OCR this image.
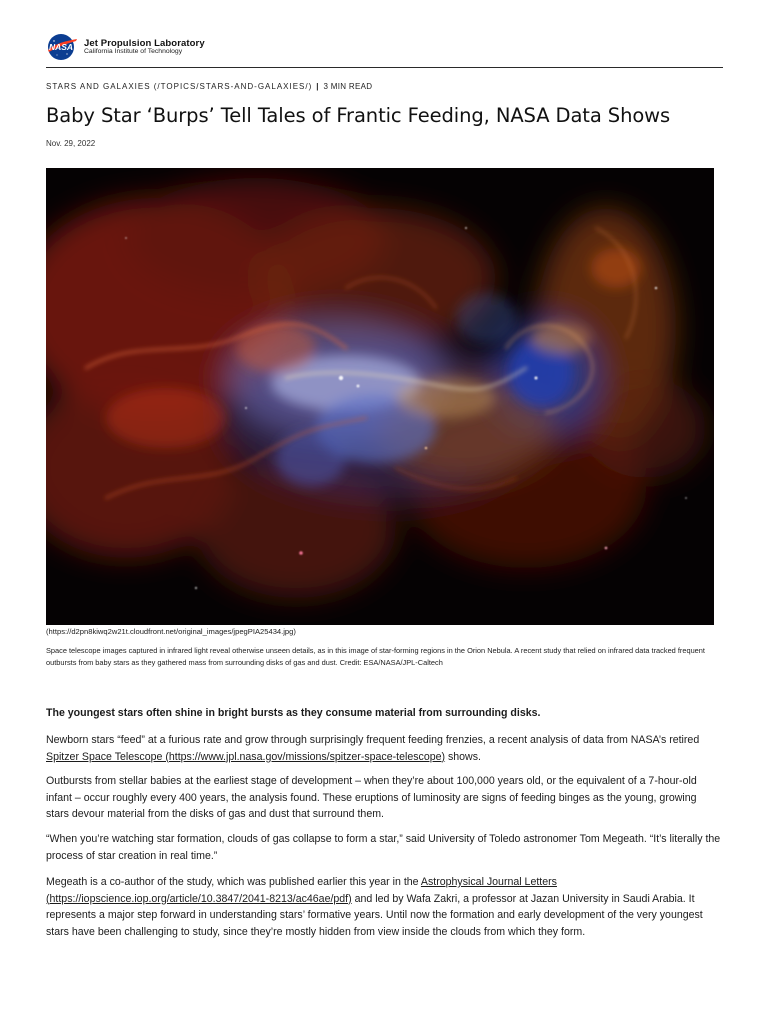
NASA Jet Propulsion Laboratory
California Institute of Technology
STARS AND GALAXIES (/TOPICS/STARS-AND-GALAXIES/) | 3 MIN READ
Baby Star ‘Burps’ Tell Tales of Frantic Feeding, NASA Data Shows
Nov. 29, 2022
(https://d2pn8kiwq2w21t.cloudfront.net/original_images/jpegPIA25434.jpg)
Space telescope images captured in infrared light reveal otherwise unseen details, as in this image of star-forming regions in the Orion Nebula. A recent study that relied on infrared data tracked frequent outbursts from baby stars as they gathered mass from surrounding disks of gas and dust. Credit: ESA/NASA/JPL-Caltech

The youngest stars often shine in bright bursts as they consume material from surrounding disks.

Newborn stars “feed” at a furious rate and grow through surprisingly frequent feeding frenzies, a recent analysis of data from NASA’s retired Spitzer Space Telescope (https://www.jpl.nasa.gov/missions/spitzer-space-telescope) shows.

Outbursts from stellar babies at the earliest stage of development – when they’re about 100,000 years old, or the equivalent of a 7-hour-old infant – occur roughly every 400 years, the analysis found. These eruptions of luminosity are signs of feeding binges as the young, growing stars devour material from the disks of gas and dust that surround them.

“When you’re watching star formation, clouds of gas collapse to form a star,” said University of Toledo astronomer Tom Megeath. “It’s literally the process of star creation in real time.”

Megeath is a co-author of the study, which was published earlier this year in the Astrophysical Journal Letters (https://iopscience.iop.org/article/10.3847/2041-8213/ac46ae/pdf) and led by Wafa Zakri, a professor at Jazan University in Saudi Arabia. It represents a major step forward in understanding stars’ formative years. Until now the formation and early development of the very youngest stars have been challenging to study, since they’re mostly hidden from view inside the clouds from which they form.
